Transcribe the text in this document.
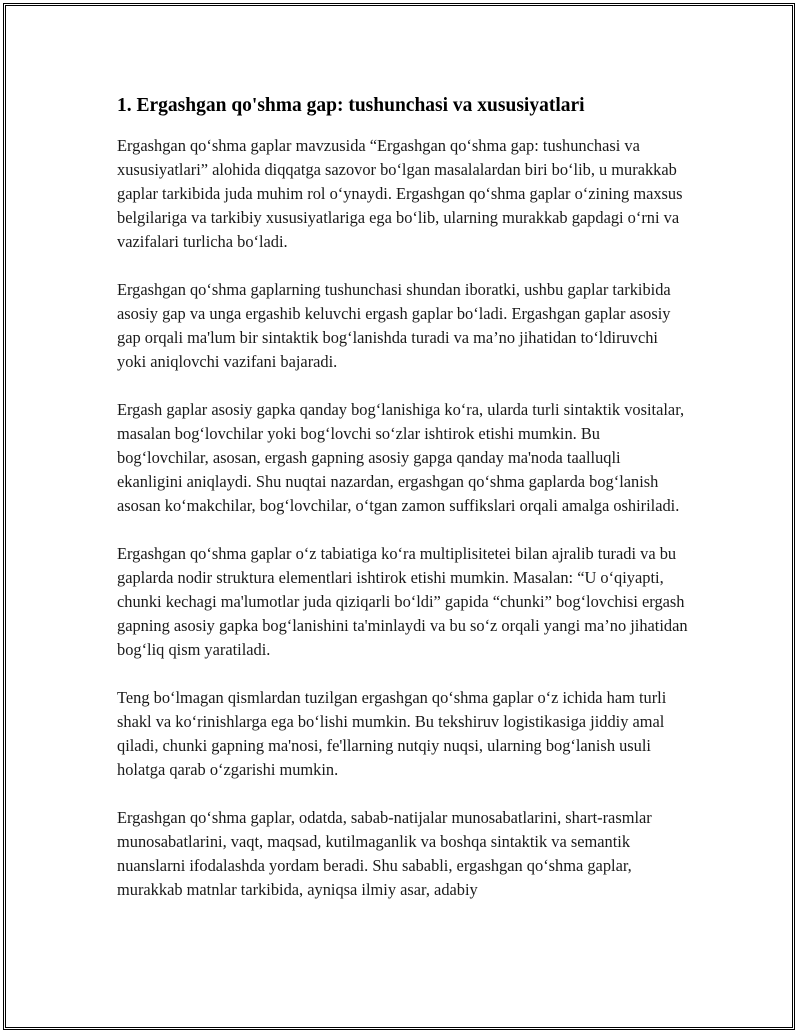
1. Ergashgan qo'shma gap: tushunchasi va xususiyatlari

Ergashgan qo‘shma gaplar mavzusida “Ergashgan qo‘shma gap: tushunchasi va xususiyatlari” alohida diqqatga sazovor bo‘lgan masalalardan biri bo‘lib, u murakkab gaplar tarkibida juda muhim rol o‘ynaydi. Ergashgan qo‘shma gaplar o‘zining maxsus belgilariga va tarkibiy xususiyatlariga ega bo‘lib, ularning murakkab gapdagi o‘rni va vazifalari turlicha bo‘ladi.

Ergashgan qo‘shma gaplarning tushunchasi shundan iboratki, ushbu gaplar tarkibida asosiy gap va unga ergashib keluvchi ergash gaplar bo‘ladi. Ergashgan gaplar asosiy gap orqali ma'lum bir sintaktik bog‘lanishda turadi va ma’no jihatidan to‘ldiruvchi yoki aniqlovchi vazifani bajaradi.

Ergash gaplar asosiy gapka qanday bog‘lanishiga ko‘ra, ularda turli sintaktik vositalar, masalan bog‘lovchilar yoki bog‘lovchi so‘zlar ishtirok etishi mumkin. Bu bog‘lovchilar, asosan, ergash gapning asosiy gapga qanday ma'noda taalluqli ekanligini aniqlaydi. Shu nuqtai nazardan, ergashgan qo‘shma gaplarda bog‘lanish asosan ko‘makchilar, bog‘lovchilar, o‘tgan zamon suffikslari orqali amalga oshiriladi.

Ergashgan qo‘shma gaplar o‘z tabiatiga ko‘ra multiplisitetei bilan ajralib turadi va bu gaplarda nodir struktura elementlari ishtirok etishi mumkin. Masalan: “U o‘qiyapti, chunki kechagi ma'lumotlar juda qiziqarli bo‘ldi” gapida “chunki” bog‘lovchisi ergash gapning asosiy gapka bog‘lanishini ta'minlaydi va bu so‘z orqali yangi ma’no jihatidan bog‘liq qism yaratiladi.

Teng bo‘lmagan qismlardan tuzilgan ergashgan qo‘shma gaplar o‘z ichida ham turli shakl va ko‘rinishlarga ega bo‘lishi mumkin. Bu tekshiruv logistikasiga jiddiy amal qiladi, chunki gapning ma'nosi, fe'llarning nutqiy nuqsi, ularning bog‘lanish usuli holatga qarab o‘zgarishi mumkin.

Ergashgan qo‘shma gaplar, odatda, sabab-natijalar munosabatlarini, shart-rasmlar munosabatlarini, vaqt, maqsad, kutilmaganlik va boshqa sintaktik va semantik nuanslarni ifodalashda yordam beradi. Shu sababli, ergashgan qo‘shma gaplar, murakkab matnlar tarkibida, ayniqsa ilmiy asar, adabiy
